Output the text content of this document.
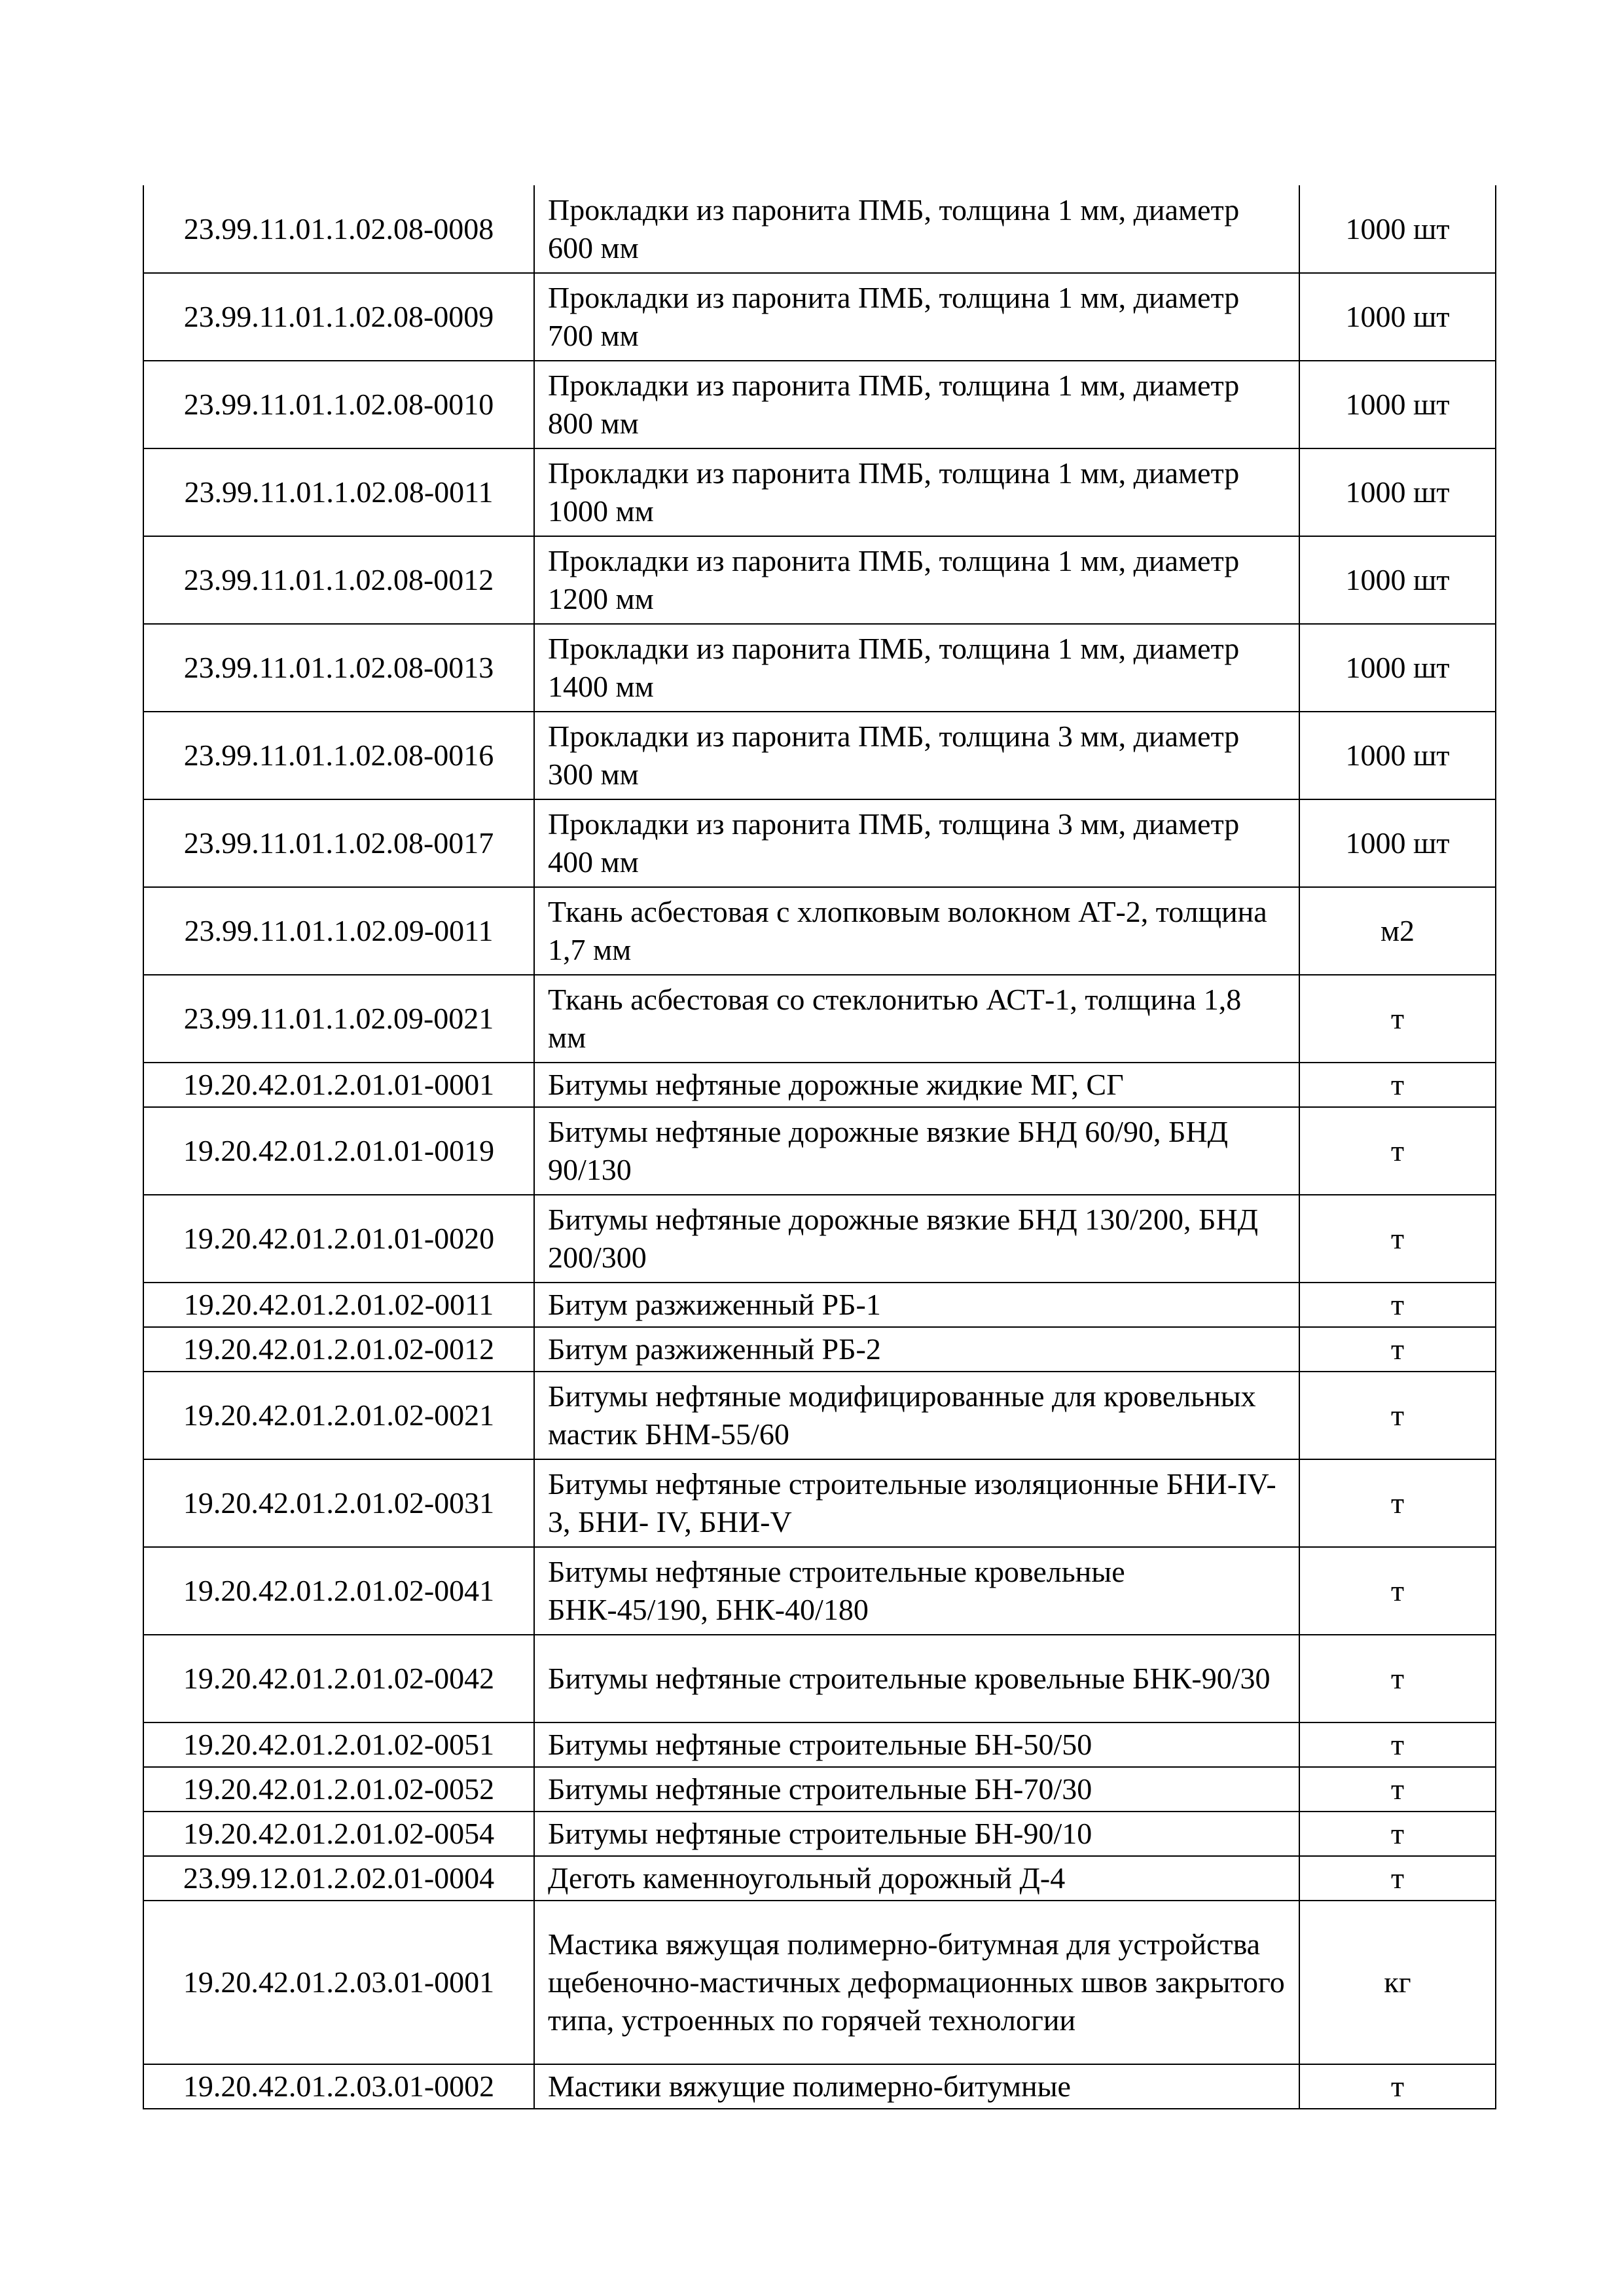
23.99.11.01.1.02.08-0008	Прокладки из паронита ПМБ, толщина 1 мм, диаметр 600 мм	1000 шт
23.99.11.01.1.02.08-0009	Прокладки из паронита ПМБ, толщина 1 мм, диаметр 700 мм	1000 шт
23.99.11.01.1.02.08-0010	Прокладки из паронита ПМБ, толщина 1 мм, диаметр 800 мм	1000 шт
23.99.11.01.1.02.08-0011	Прокладки из паронита ПМБ, толщина 1 мм, диаметр 1000 мм	1000 шт
23.99.11.01.1.02.08-0012	Прокладки из паронита ПМБ, толщина 1 мм, диаметр 1200 мм	1000 шт
23.99.11.01.1.02.08-0013	Прокладки из паронита ПМБ, толщина 1 мм, диаметр 1400 мм	1000 шт
23.99.11.01.1.02.08-0016	Прокладки из паронита ПМБ, толщина 3 мм, диаметр 300 мм	1000 шт
23.99.11.01.1.02.08-0017	Прокладки из паронита ПМБ, толщина 3 мм, диаметр 400 мм	1000 шт
23.99.11.01.1.02.09-0011	Ткань асбестовая с хлопковым волокном АТ-2, толщина 1,7 мм	м2
23.99.11.01.1.02.09-0021	Ткань асбестовая со стеклонитью АСТ-1, толщина 1,8 мм	т
19.20.42.01.2.01.01-0001	Битумы нефтяные дорожные жидкие МГ, СГ	т
19.20.42.01.2.01.01-0019	Битумы нефтяные дорожные вязкие БНД 60/90, БНД 90/130	т
19.20.42.01.2.01.01-0020	Битумы нефтяные дорожные вязкие БНД 130/200, БНД 200/300	т
19.20.42.01.2.01.02-0011	Битум разжиженный РБ-1	т
19.20.42.01.2.01.02-0012	Битум разжиженный РБ-2	т
19.20.42.01.2.01.02-0021	Битумы нефтяные модифицированные для кровельных мастик БНМ-55/60	т
19.20.42.01.2.01.02-0031	Битумы нефтяные строительные изоляционные БНИ-IV-3, БНИ- IV, БНИ-V	т
19.20.42.01.2.01.02-0041	Битумы нефтяные строительные кровельные БНК-45/190, БНК-40/180	т
19.20.42.01.2.01.02-0042	Битумы нефтяные строительные кровельные БНК-90/30	т
19.20.42.01.2.01.02-0051	Битумы нефтяные строительные БН-50/50	т
19.20.42.01.2.01.02-0052	Битумы нефтяные строительные БН-70/30	т
19.20.42.01.2.01.02-0054	Битумы нефтяные строительные БН-90/10	т
23.99.12.01.2.02.01-0004	Деготь каменноугольный дорожный Д-4	т
19.20.42.01.2.03.01-0001	Мастика вяжущая полимерно-битумная для устройства щебеночно-мастичных деформационных швов закрытого типа, устроенных по горячей технологии	кг
19.20.42.01.2.03.01-0002	Мастики вяжущие полимерно-битумные	т
